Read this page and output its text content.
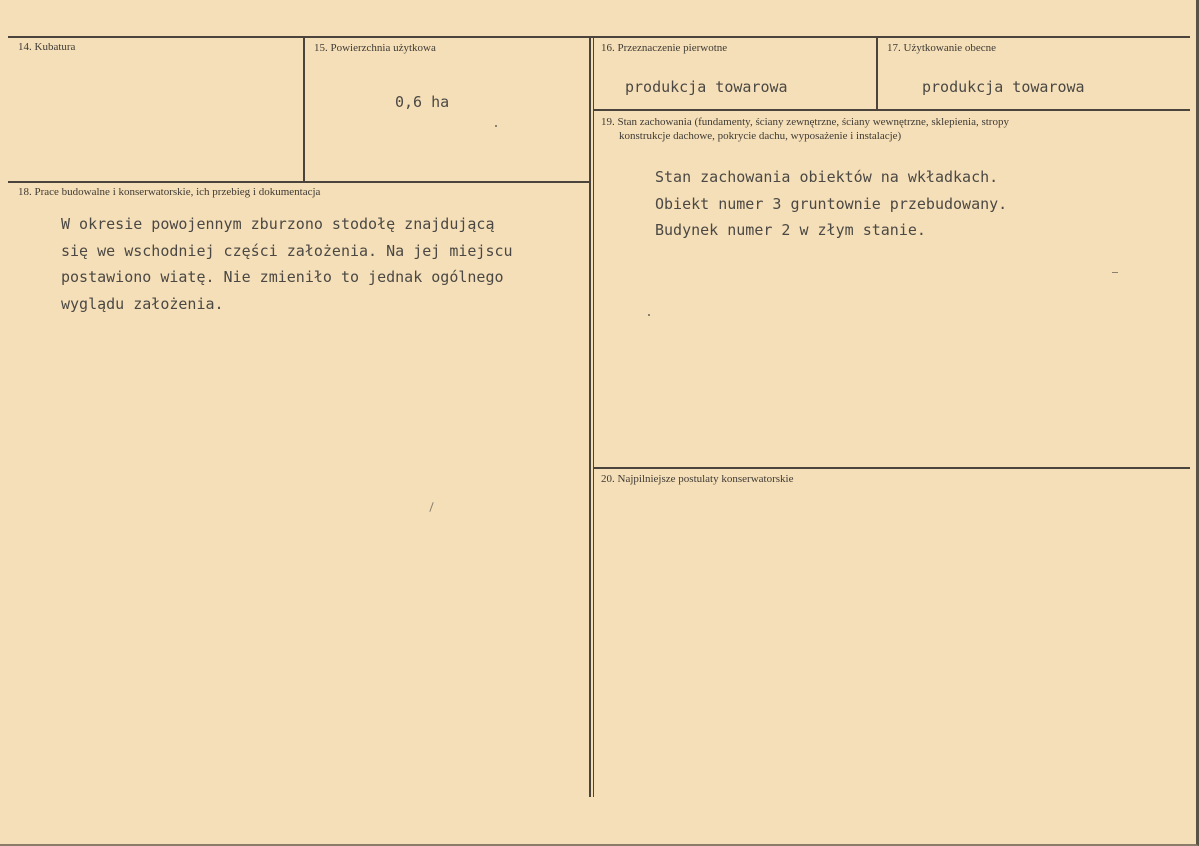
14. Kubatura	15. Powierzchnia użytkowa
0,6 ha
16. Przeznaczenie pierwotne
produkcja towarowa
17. Użytkowanie obecne
produkcja towarowa
18. Prace budowalne i konserwatorskie, ich przebieg i dokumentacja
W okresie powojennym zburzono stodołę znajdującą
się we wschodniej części założenia. Na jej miejscu
postawiono wiatę. Nie zmieniło to jednak ogólnego
wyglądu założenia.
19. Stan zachowania (fundamenty, ściany zewnętrzne, ściany wewnętrzne, sklepienia, stropy
konstrukcje dachowe, pokrycie dachu, wyposażenie i instalacje)
Stan zachowania obiektów na wkładkach.
Obiekt numer 3 gruntownie przebudowany.
Budynek numer 2 w złym stanie.
20. Najpilniejsze postulaty konserwatorskie
